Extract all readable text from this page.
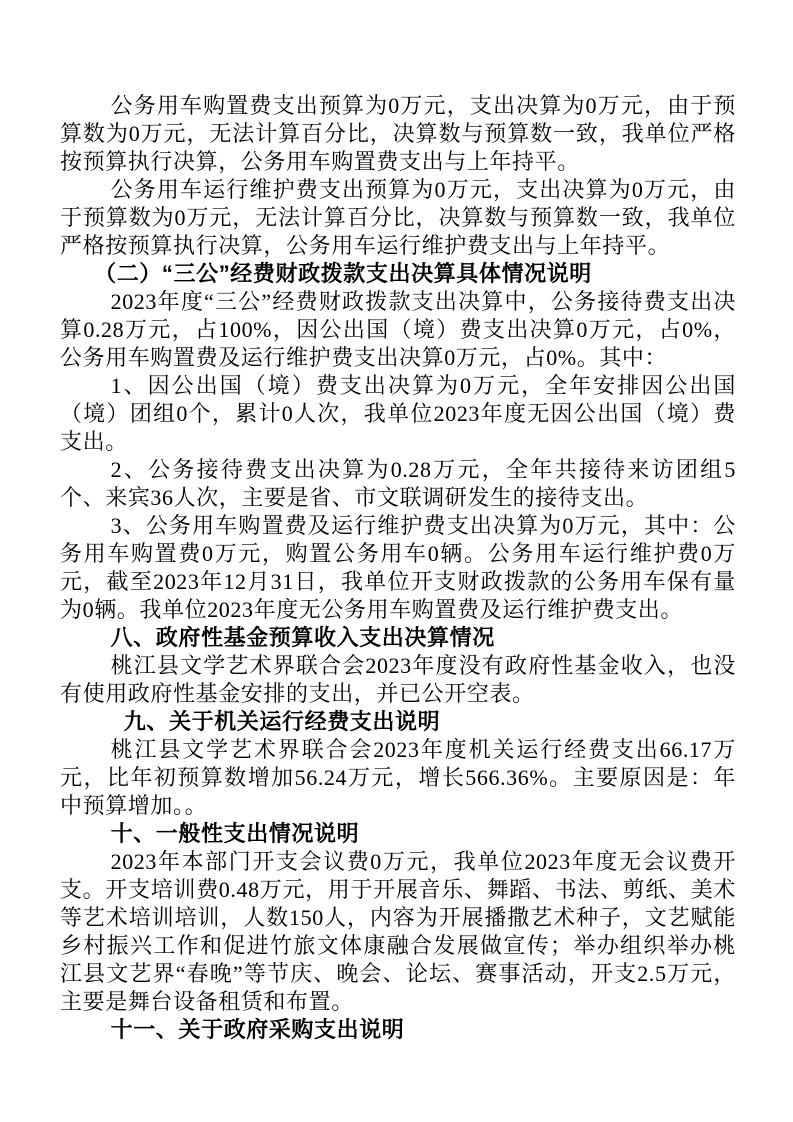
公务用车购置费支出预算为0万元，支出决算为0万元，由于预算数为0万元，无法计算百分比，决算数与预算数一致，我单位严格按预算执行决算，公务用车购置费支出与上年持平。

公务用车运行维护费支出预算为0万元，支出决算为0万元，由于预算数为0万元，无法计算百分比，决算数与预算数一致，我单位严格按预算执行决算，公务用车运行维护费支出与上年持平。

（二）“三公”经费财政拨款支出决算具体情况说明

2023年度“三公”经费财政拨款支出决算中，公务接待费支出决算0.28万元，占100%，因公出国（境）费支出决算0万元，占0%，公务用车购置费及运行维护费支出决算0万元，占0%。其中：

1、因公出国（境）费支出决算为0万元，全年安排因公出国（境）团组0个，累计0人次，我单位2023年度无因公出国（境）费支出。

2、公务接待费支出决算为0.28万元，全年共接待来访团组5个、来宾36人次，主要是省、市文联调研发生的接待支出。

3、公务用车购置费及运行维护费支出决算为0万元，其中：公务用车购置费0万元，购置公务用车0辆。公务用车运行维护费0万元，截至2023年12月31日，我单位开支财政拨款的公务用车保有量为0辆。我单位2023年度无公务用车购置费及运行维护费支出。

八、政府性基金预算收入支出决算情况

桃江县文学艺术界联合会2023年度没有政府性基金收入，也没有使用政府性基金安排的支出，并已公开空表。

九、关于机关运行经费支出说明

桃江县文学艺术界联合会2023年度机关运行经费支出66.17万元，比年初预算数增加56.24万元，增长566.36%。主要原因是：年中预算增加。。

十、一般性支出情况说明

2023年本部门开支会议费0万元，我单位2023年度无会议费开支。开支培训费0.48万元，用于开展音乐、舞蹈、书法、剪纸、美术等艺术培训培训，人数150人，内容为开展播撒艺术种子，文艺赋能乡村振兴工作和促进竹旅文体康融合发展做宣传；举办组织举办桃江县文艺界“春晚”等节庆、晚会、论坛、赛事活动，开支2.5万元，主要是舞台设备租赁和布置。

十一、关于政府采购支出说明
